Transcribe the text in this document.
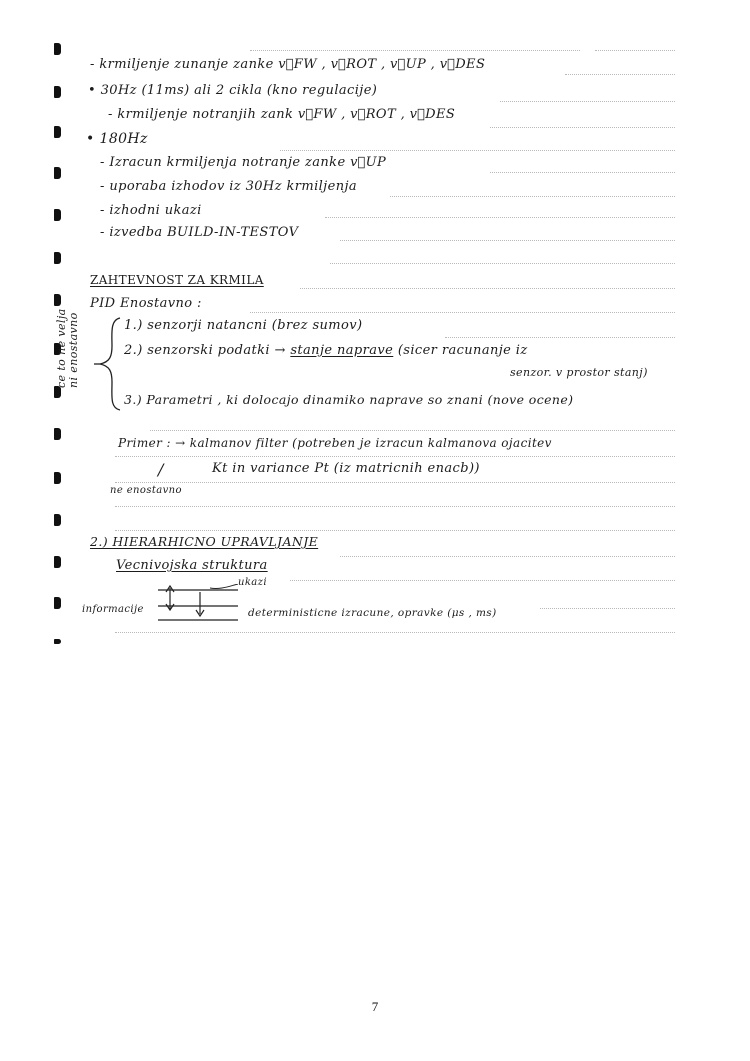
- krmiljenje zunanje zanke v⃗FW , v⃗ROT , v⃗UP , v⃗DES

• 30Hz (11ms) ali 2 cikla (kno regulacije)

- krmiljenje notranjih zank v⃗FW , v⃗ROT , v⃗DES

• 180Hz

- Izracun krmiljenja notranje zanke v⃗UP

- uporaba izhodov iz 30Hz krmiljenja

- izhodni ukazi

- izvedba BUILD-IN-TESTOV

ZAHTEVNOST ZA KRMILA

PID Enostavno :

ce to ne velja ni enostavno	1.) senzorji natancni (brez sumov)

2.) senzorski podatki → stanje naprave (sicer racunanje iz

senzor. v prostor stanj)

3.) Parametri , ki dolocajo dinamiko naprave so znani (nove ocene)

Primer : → kalmanov filter (potreben je izracun kalmanova ojacitev

/	Kt in variance Pt (iz matricnih enacb))

ne enostavno

2.) HIERARHICNO UPRAVLJANJE

Vecnivojska struktura

ukazi

informacije	deterministicne izracune, opravke (μs , ms)

7
